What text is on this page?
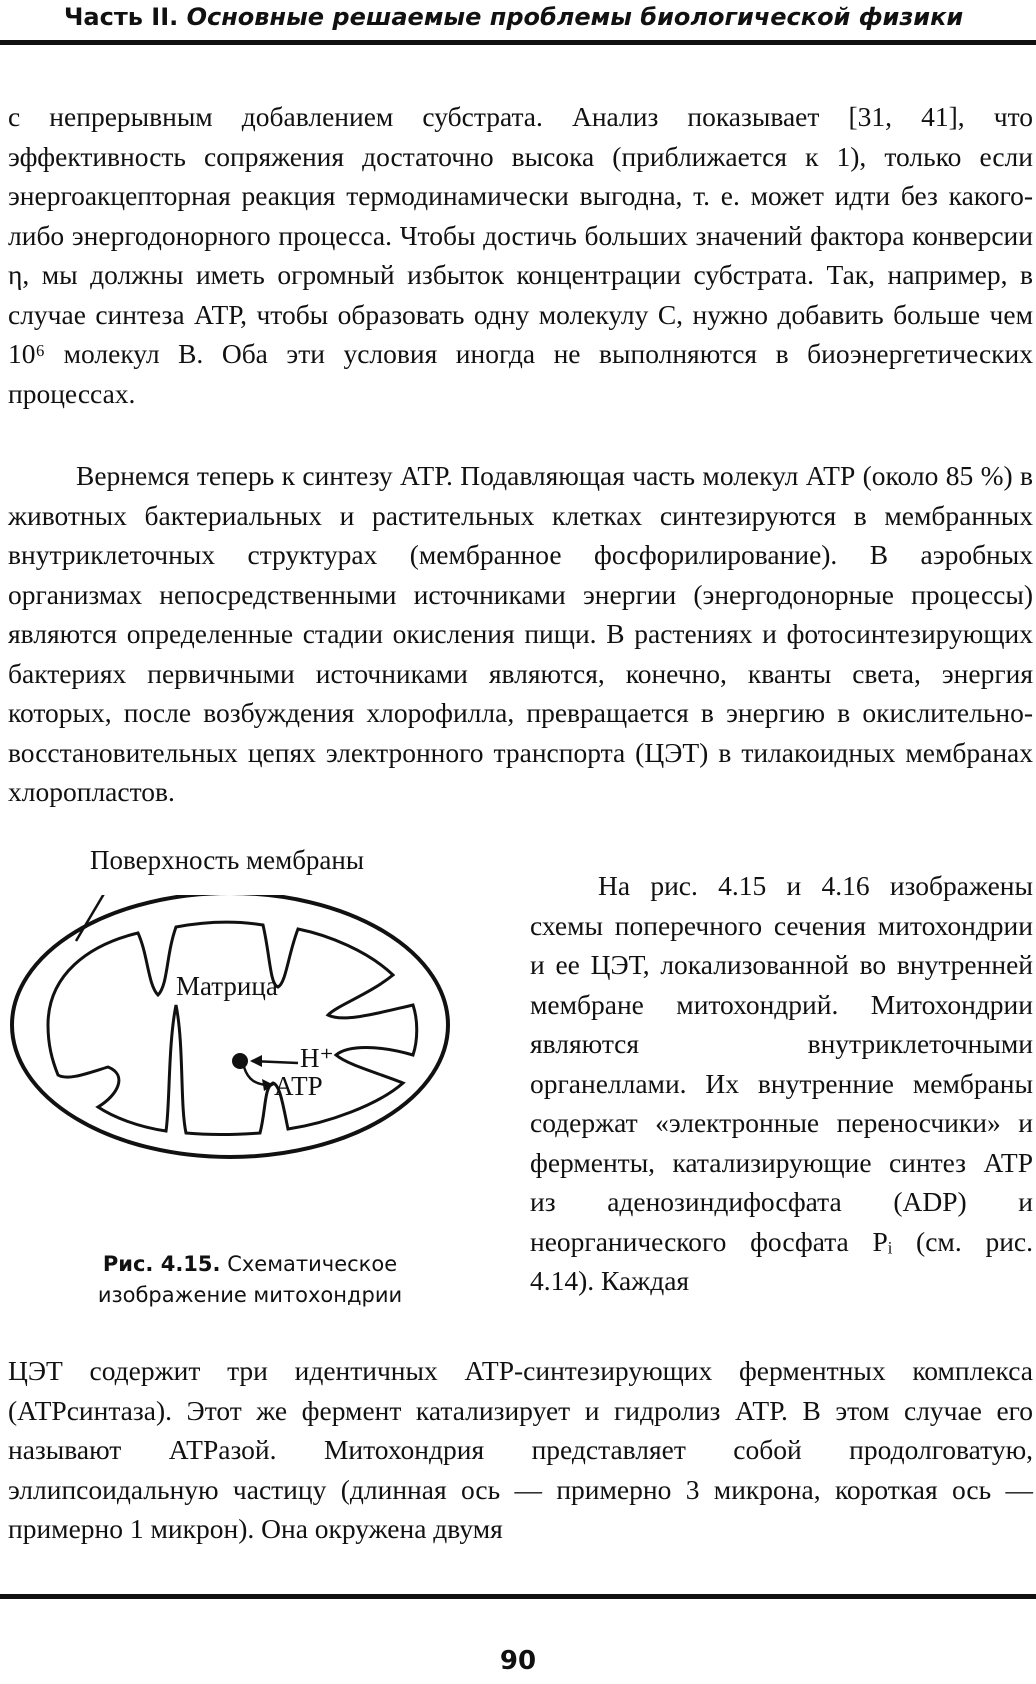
Часть II. Основные решаемые проблемы биологической физики

с непрерывным добавлением субстрата. Анализ показывает [31, 41], что эффективность сопряжения достаточно высока (приближается к 1), только если энергоакцепторная реакция термодинамически выгодна, т. е. может идти без какого-либо энергодонорного процесса. Чтобы достичь больших значений фактора конверсии η, мы должны иметь огромный избыток концентрации субстрата. Так, например, в случае синтеза АТР, чтобы образовать одну молекулу С, нужно добавить больше чем 10⁶ молекул В. Оба эти условия иногда не выполняются в биоэнергетических процессах.

Вернемся теперь к синтезу АТР. Подавляющая часть молекул АТР (около 85 %) в животных бактериальных и растительных клетках синтезируются в мембранных внутриклеточных структурах (мембранное фосфорилирование). В аэробных организмах непосредственными источниками энергии (энергодонорные процессы) являются определенные стадии окисления пищи. В растениях и фотосинтезирующих бактериях первичными источниками являются, конечно, кванты света, энергия которых, после возбуждения хлорофилла, превращается в энергию в окислительно-восстановительных цепях электронного транспорта (ЦЭТ) в тилакоидных мембранах хлоропластов.

Поверхность мембраны
Матрица
H⁺
АТР
Рис. 4.15. Схематическое изображение митохондрии

На рис. 4.15 и 4.16 изображены схемы поперечного сечения митохондрии и ее ЦЭТ, локализованной во внутренней мембране митохондрий. Митохондрии являются внутриклеточными органеллами. Их внутренние мембраны содержат «электронные переносчики» и ферменты, катализирующие синтез АТР из аденозиндифосфата (ADP) и неорганического фосфата Pᵢ (см. рис. 4.14). Каждая

ЦЭТ содержит три идентичных АТР-синтезирующих ферментных комплекса (АТРсинтаза). Этот же фермент катализирует и гидролиз АТР. В этом случае его называют АТРазой. Митохондрия представляет собой продолговатую, эллипсоидальную частицу (длинная ось — примерно 3 микрона, короткая ось — примерно 1 микрон). Она окружена двумя

90
